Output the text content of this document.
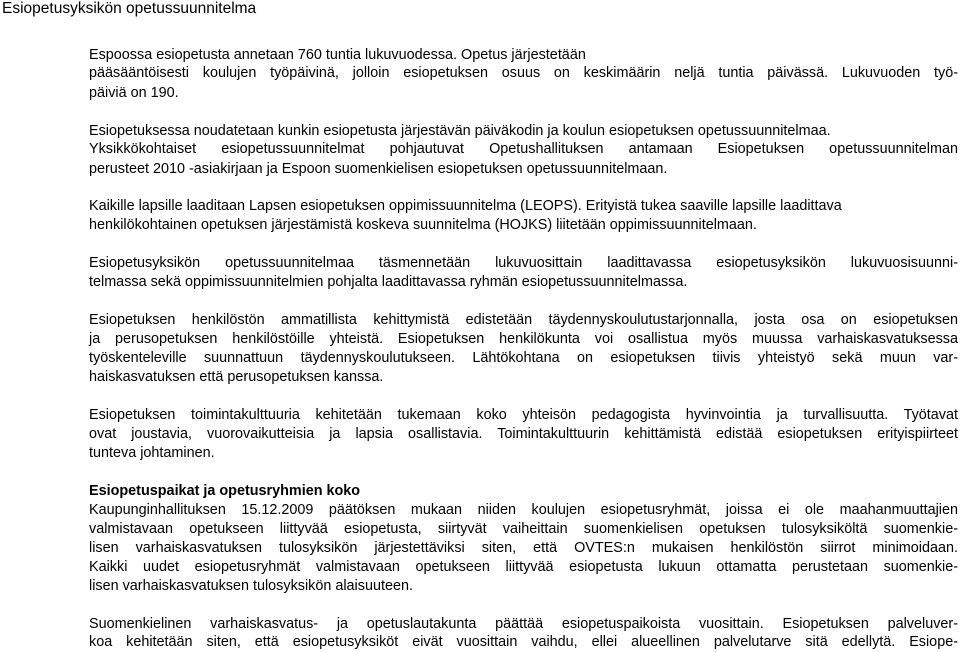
Esiopetusyksikön opetussuunnitelma
Espoossa esiopetusta annetaan 760 tuntia lukuvuodessa. Opetus järjestetään
pääsääntöisesti koulujen työpäivinä, jolloin esiopetuksen osuus on keskimäärin neljä tuntia päivässä. Lukuvuoden työ-
päiviä on 190.
Esiopetuksessa noudatetaan kunkin esiopetusta järjestävän päiväkodin ja koulun esiopetuksen opetussuunnitelmaa.
Yksikkökohtaiset esiopetussuunnitelmat pohjautuvat Opetushallituksen antamaan Esiopetuksen opetussuunnitelman
perusteet 2010 -asiakirjaan ja Espoon suomenkielisen esiopetuksen opetussuunnitelmaan.
Kaikille lapsille laaditaan Lapsen esiopetuksen oppimissuunnitelma (LEOPS). Erityistä tukea saaville lapsille laadittava
henkilökohtainen opetuksen järjestämistä koskeva suunnitelma (HOJKS) liitetään oppimissuunnitelmaan.
Esiopetusyksikön opetussuunnitelmaa täsmennetään lukuvuosittain laadittavassa esiopetusyksikön lukuvuosisuunni-
telmassa sekä oppimissuunnitelmien pohjalta laadittavassa ryhmän esiopetussuunnitelmassa.
Esiopetuksen henkilöstön ammatillista kehittymistä edistetään täydennyskoulutustarjonnalla, josta osa on esiopetuksen
ja perusopetuksen henkilöstöille yhteistä. Esiopetuksen henkilökunta voi osallistua myös muussa varhaiskasvatuksessa
työskenteleville suunnattuun täydennyskoulutukseen. Lähtökohtana on esiopetuksen tiivis yhteistyö sekä muun var-
haiskasvatuksen että perusopetuksen kanssa.
Esiopetuksen toimintakulttuuria kehitetään tukemaan koko yhteisön pedagogista hyvinvointia ja turvallisuutta. Työtavat
ovat joustavia, vuorovaikutteisia ja lapsia osallistavia. Toimintakulttuurin kehittämistä edistää esiopetuksen erityispiirteet
tunteva johtaminen.
Esiopetuspaikat ja opetusryhmien koko
Kaupunginhallituksen 15.12.2009 päätöksen mukaan niiden koulujen esiopetusryhmät, joissa ei ole maahanmuuttajien
valmistavaan opetukseen liittyvää esiopetusta, siirtyvät vaiheittain suomenkielisen opetuksen tulosyksiköltä suomenkie-
lisen varhaiskasvatuksen tulosyksikön järjestettäviksi siten, että OVTES:n mukaisen henkilöstön siirrot minimoidaan.
Kaikki uudet esiopetusryhmät valmistavaan opetukseen liittyvää esiopetusta lukuun ottamatta perustetaan suomenkie-
lisen varhaiskasvatuksen tulosyksikön alaisuuteen.
Suomenkielinen varhaiskasvatus- ja opetuslautakunta päättää esiopetuspaikoista vuosittain. Esiopetuksen palveluver-
koa kehitetään siten, että esiopetusyksiköt eivät vuosittain vaihdu, ellei alueellinen palvelutarve sitä edellytä. Esiope-
